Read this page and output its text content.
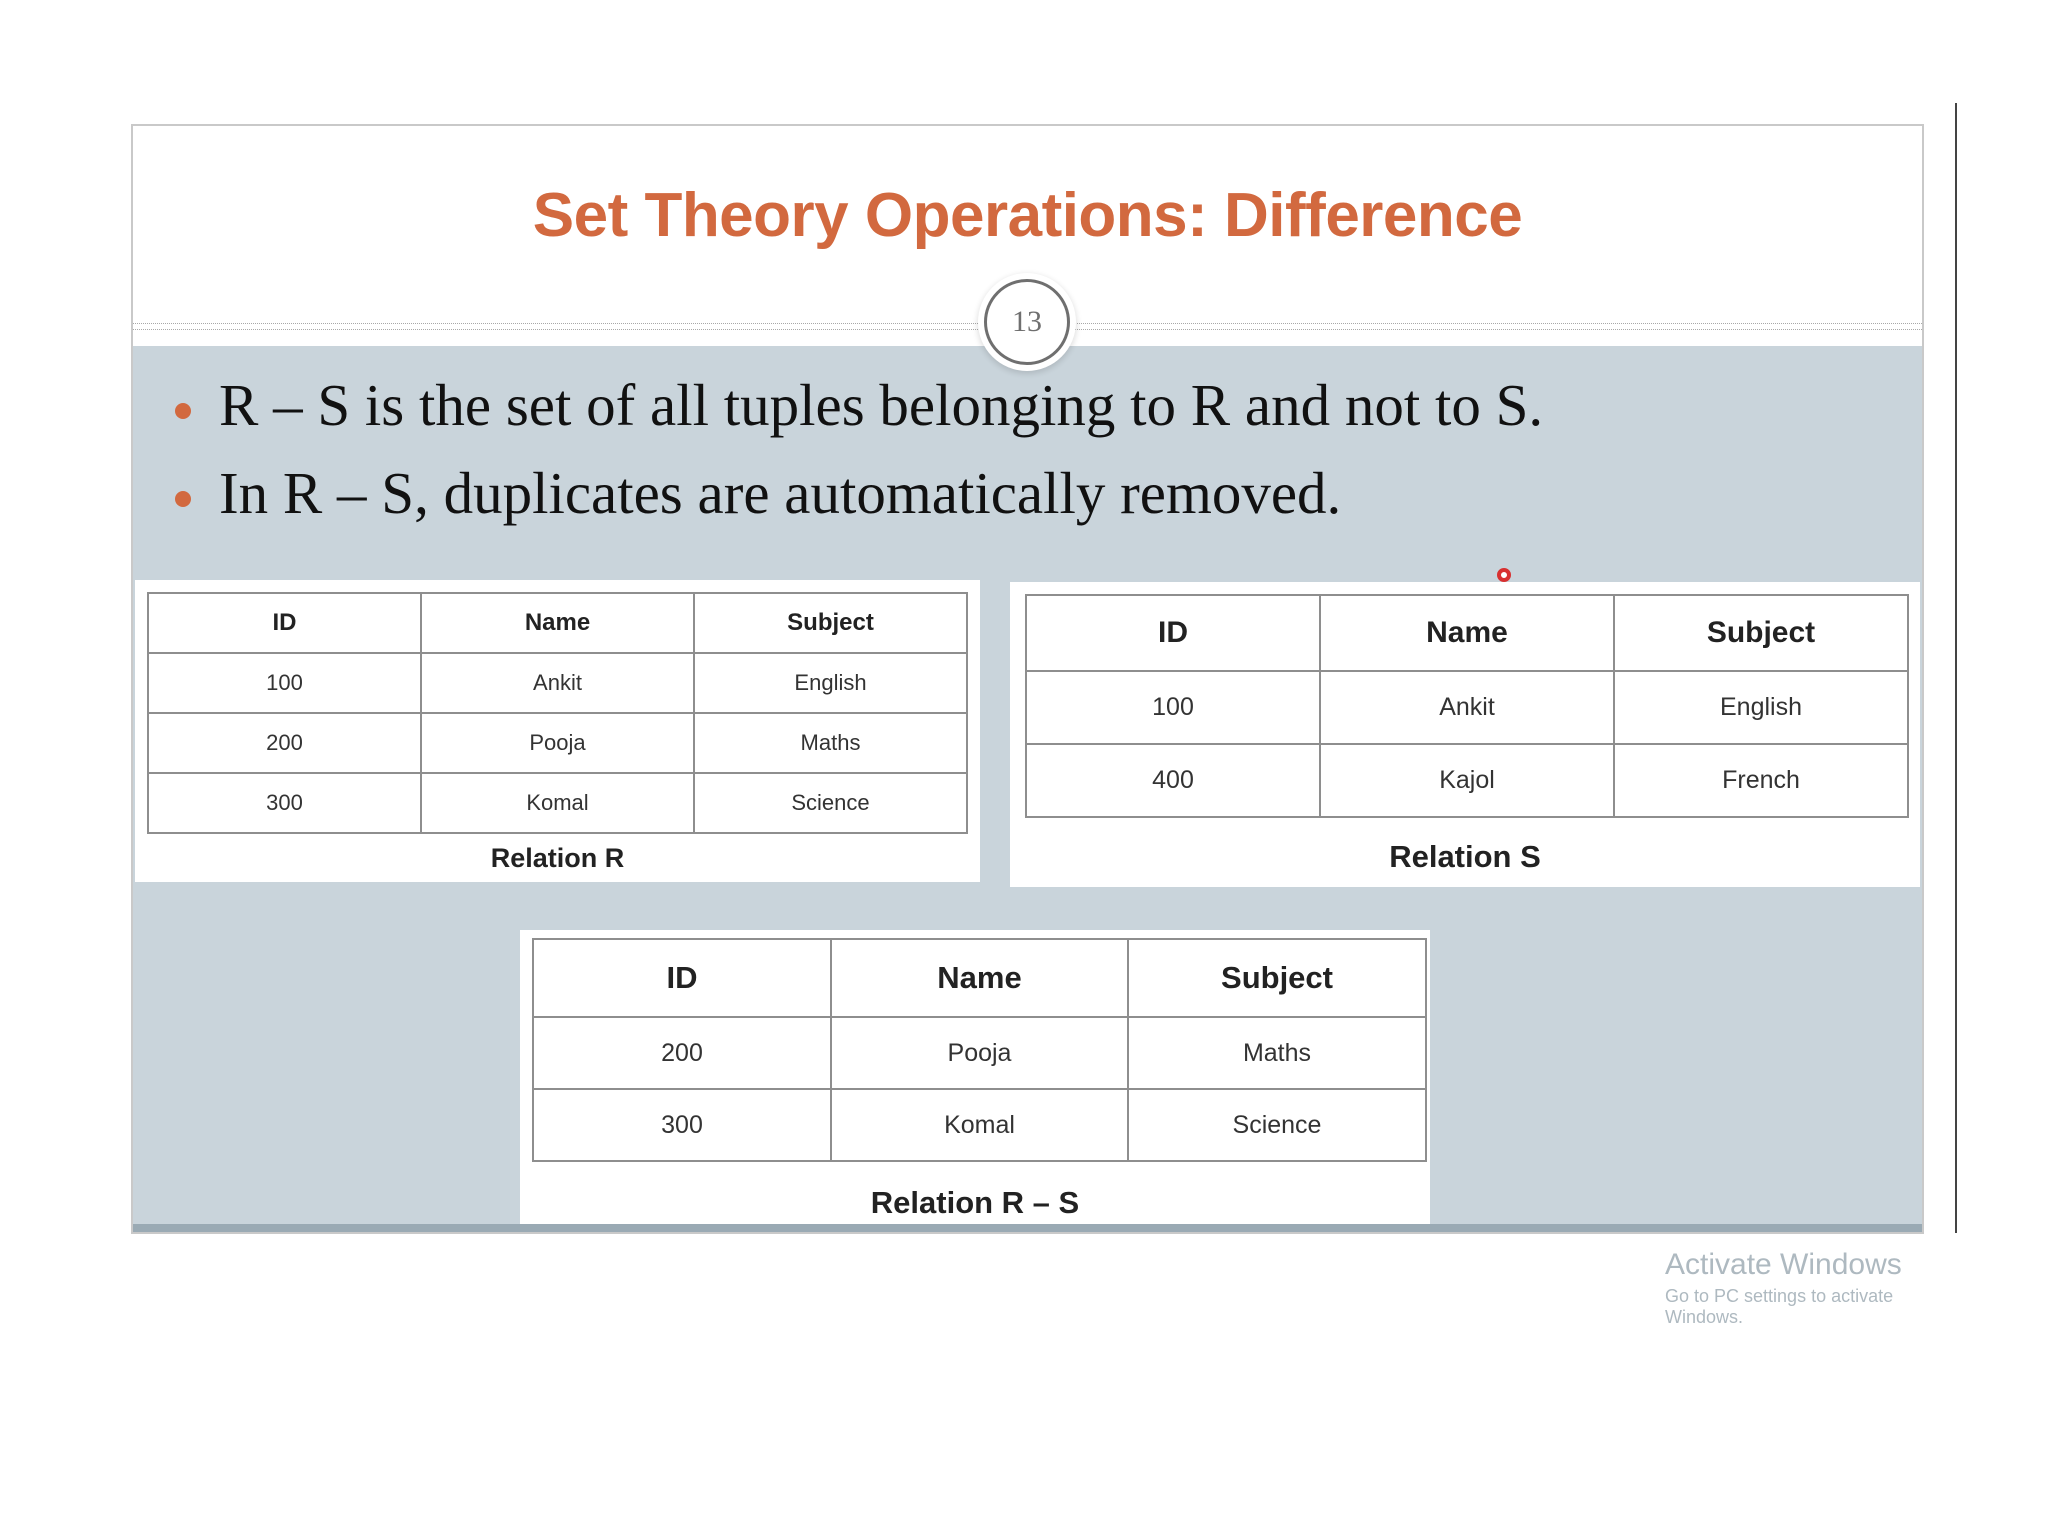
Set Theory Operations: Difference
13
R – S is the set of all tuples belonging to R and not to S.
In R – S, duplicates are automatically removed.
ID	Name	Subject
100	Ankit	English
200	Pooja	Maths
300	Komal	Science
Relation R
ID	Name	Subject
100	Ankit	English
400	Kajol	French
Relation S
ID	Name	Subject
200	Pooja	Maths
300	Komal	Science
Relation R – S
Activate Windows
Go to PC settings to activate Windows.
